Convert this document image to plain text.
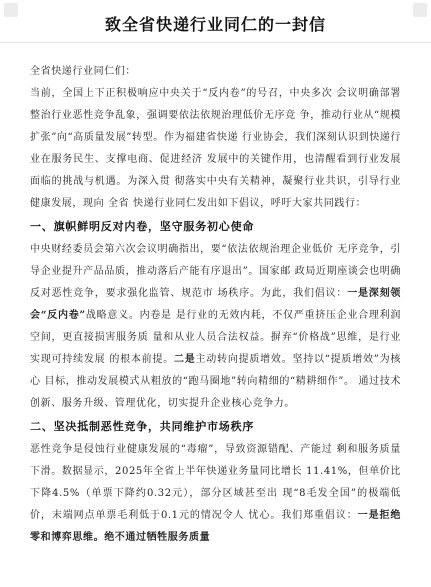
致全省快递行业同仁的一封信

全省快递行业同仁们：

当前，全国上下正积极响应中央关于“反内卷”的号召，中央多次 会议明确部署整治行业恶性竞争乱象，强调要依法依规治理低价无序竞 争，推动行业从“规模扩张”向“高质量发展”转型。作为福建省快递 行业协会，我们深刻认识到快递行业在服务民生、支撑电商、促进经济 发展中的关键作用，也清醒看到行业发展面临的挑战与机遇。为深入贯 彻落实中央有关精神，凝聚行业共识，引导行业健康发展，现向 全省 快递行业同仁发出如下倡议，呼吁大家共同践行：

一、旗帜鲜明反对内卷，坚守服务初心使命

中央财经委员会第六次会议明确指出，要“依法依规治理企业低价 无序竞争，引导企业提升产品品质，推动落后产能有序退出”。国家邮 政局近期座谈会也明确反对恶性竞争，要求强化监管、规范市 场秩序。为此，我们倡议：一是深刻领会“反内卷”战略意义。内卷是 是行业的无效内耗，不仅严重挤压企业合理利润空间，更直接损害服务质 量和从业人员合法权益。摒弃“价格战”思维，是行业实现可持续发展 的根本前提。二是主动转向提质增效。坚持以“提质增效”为核心 目标，推动发展模式从粗放的“跑马圈地”转向精细的“精耕细作”。 通过技术创新、服务升级、管理优化，切实提升企业核心竞争力。

二、坚决抵制恶性竞争，共同维护市场秩序

恶性竞争是侵蚀行业健康发展的“毒瘤”，导致资源错配、产能过 剩和服务质量下滑。数据显示，2025年全省上半年快递业务量同比增长 11.41%，但单价比下降4.5%（单票下降约0.32元），部分区域甚至出 现“8毛发全国”的极端低价，末端网点单票毛利低于0.1元的情况令人 忧心。我们郑重倡议：一是拒绝零和博弈思维。绝不通过牺牲服务质量
